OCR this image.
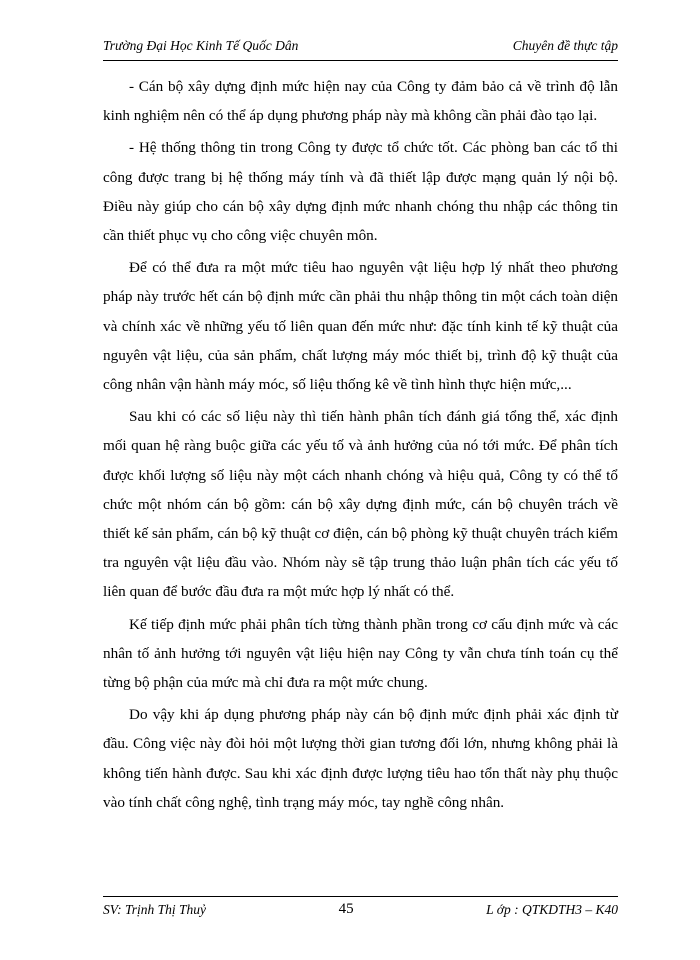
Trường Đại Học Kinh Tế Quốc Dân	Chuyên đề thực tập

- Cán bộ xây dựng định mức hiện nay của Công ty đảm bảo cả về trình độ lẫn kinh nghiệm nên có thể áp dụng phương pháp này mà không cần phải đào tạo lại.

- Hệ thống thông tin trong Công ty được tổ chức tốt. Các phòng ban các tổ thi công được trang bị hệ thống máy tính và đã thiết lập được mạng quản lý nội bộ. Điều này giúp cho cán bộ xây dựng định mức nhanh chóng thu nhập các thông tin cần thiết phục vụ cho công việc chuyên môn.

Để có thể đưa ra một mức tiêu hao nguyên vật liệu hợp lý nhất theo phương pháp này trước hết cán bộ định mức cần phải thu nhập thông tin một cách toàn diện và chính xác về những yếu tố liên quan đến mức như: đặc tính kinh tế kỹ thuật của nguyên vật liệu, của sản phẩm, chất lượng máy móc thiết bị, trình độ kỹ thuật của công nhân vận hành máy móc, số liệu thống kê về tình hình thực hiện mức,...

Sau khi có các số liệu này thì tiến hành phân tích đánh giá tổng thể, xác định mối quan hệ ràng buộc giữa các yếu tố và ảnh hưởng của nó tới mức. Để phân tích được khối lượng số liệu này một cách nhanh chóng và hiệu quả, Công ty có thể tổ chức một nhóm cán bộ gồm: cán bộ xây dựng định mức, cán bộ chuyên trách về thiết kế sản phẩm, cán bộ kỹ thuật cơ điện, cán bộ phòng kỹ thuật chuyên trách kiểm tra nguyên vật liệu đầu vào. Nhóm này sẽ tập trung thảo luận phân tích các yếu tố liên quan để bước đầu đưa ra một mức hợp lý nhất có thể.

Kế tiếp định mức phải phân tích từng thành phần trong cơ cấu định mức và các nhân tố ảnh hưởng tới nguyên vật liệu hiện nay Công ty vẫn chưa tính toán cụ thể từng bộ phận của mức mà chỉ đưa ra một mức chung.

Do vậy khi áp dụng phương pháp này cán bộ định mức định phải xác định từ đầu. Công việc này đòi hỏi một lượng thời gian tương đối lớn, nhưng không phải là không tiến hành được. Sau khi xác định được lượng tiêu hao tổn thất này phụ thuộc vào tính chất công nghệ, tình trạng máy móc, tay nghề công nhân.

SV: Trịnh Thị Thuỷ	45	L ớp : QTKDTH3 – K40
